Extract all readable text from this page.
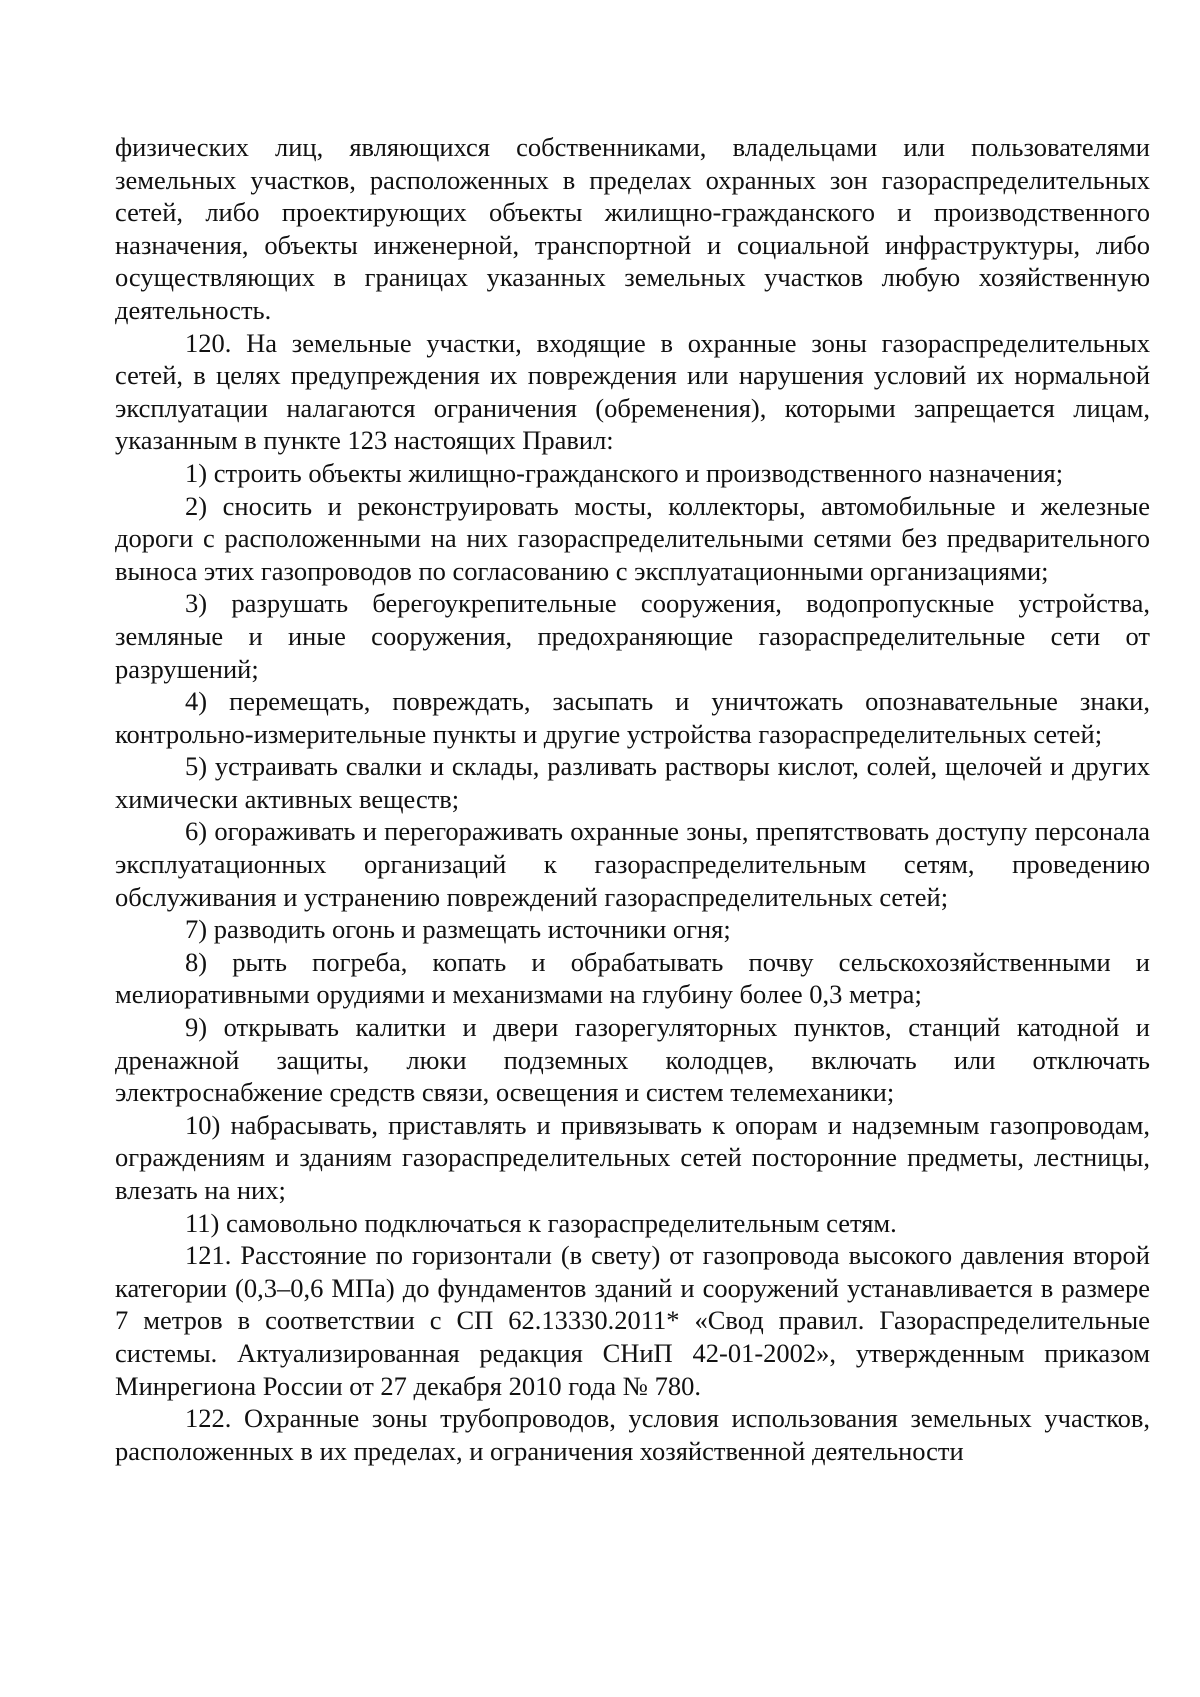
физических лиц, являющихся собственниками, владельцами или пользователями земельных участков, расположенных в пределах охранных зон газораспределительных сетей, либо проектирующих объекты жилищно-гражданского и производственного назначения, объекты инженерной, транспортной и социальной инфраструктуры, либо осуществляющих в границах указанных земельных участков любую хозяйственную деятельность.

120. На земельные участки, входящие в охранные зоны газораспределительных сетей, в целях предупреждения их повреждения или нарушения условий их нормальной эксплуатации налагаются ограничения (обременения), которыми запрещается лицам, указанным в пункте 123 настоящих Правил:

1) строить объекты жилищно-гражданского и производственного назначения;

2) сносить и реконструировать мосты, коллекторы, автомобильные и железные дороги с расположенными на них газораспределительными сетями без предварительного выноса этих газопроводов по согласованию с эксплуатационными организациями;

3) разрушать берегоукрепительные сооружения, водопропускные устройства, земляные и иные сооружения, предохраняющие газораспределительные сети от разрушений;

4) перемещать, повреждать, засыпать и уничтожать опознавательные знаки, контрольно-измерительные пункты и другие устройства газораспределительных сетей;

5) устраивать свалки и склады, разливать растворы кислот, солей, щелочей и других химически активных веществ;

6) огораживать и перегораживать охранные зоны, препятствовать доступу персонала эксплуатационных организаций к газораспределительным сетям, проведению обслуживания и устранению повреждений газораспределительных сетей;

7) разводить огонь и размещать источники огня;

8) рыть погреба, копать и обрабатывать почву сельскохозяйственными и мелиоративными орудиями и механизмами на глубину более 0,3 метра;

9) открывать калитки и двери газорегуляторных пунктов, станций катодной и дренажной защиты, люки подземных колодцев, включать или отключать электроснабжение средств связи, освещения и систем телемеханики;

10) набрасывать, приставлять и привязывать к опорам и надземным газопроводам, ограждениям и зданиям газораспределительных сетей посторонние предметы, лестницы, влезать на них;

11) самовольно подключаться к газораспределительным сетям.

121. Расстояние по горизонтали (в свету) от газопровода высокого давления второй категории (0,3–0,6 МПа) до фундаментов зданий и сооружений устанавливается в размере 7 метров в соответствии с СП 62.13330.2011* «Свод правил. Газораспределительные системы. Актуализированная редакция СНиП 42-01-2002», утвержденным приказом Минрегиона России от 27 декабря 2010 года № 780.

122. Охранные зоны трубопроводов, условия использования земельных участков, расположенных в их пределах, и ограничения хозяйственной деятельности
